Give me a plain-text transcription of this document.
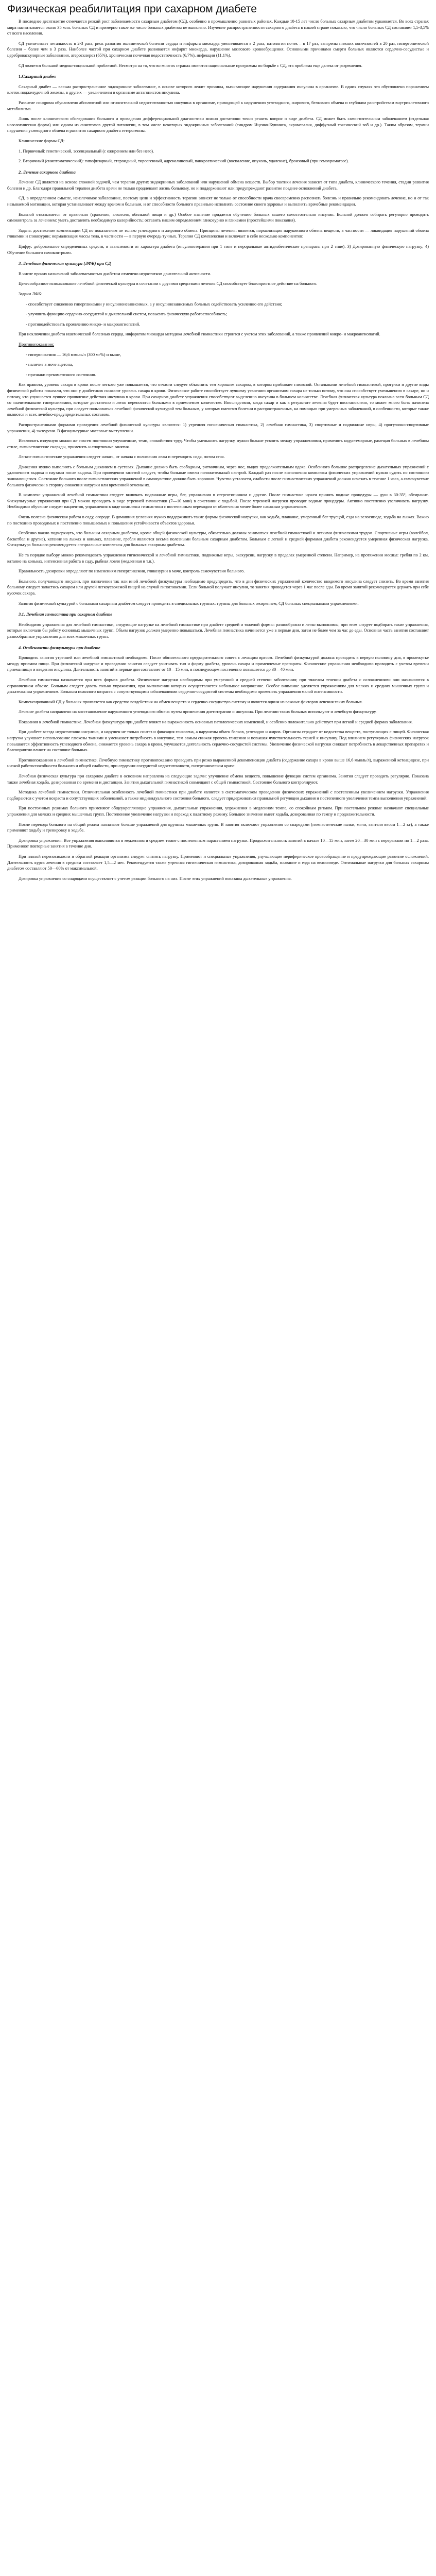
Физическая реабилитация при сахарном диабете

В последнее десятилетие отмечается резкий рост заболеваемости сахарным диабетом (СД), особенно в промышленно развитых районах. Каждые 10-15 лет число больных сахарным диабетом удваивается. Во всех странах мира насчитывается около 35 млн. больных СД и примерно такое же число больных диабетом не выявлено. Изучение распространенности сахарного диабета в нашей стране показало, что число больных СД составляет 1,5-3,5% от всего населения.

СД увеличивает летальность в 2-3 раза, риск развития ишемической болезни сердца и инфаркта миокарда увеличивается в 2 раза, патологии почек – в 17 раз, гангрены нижних конечностей в 20 раз, гипертонической болезни – более чем в 3 раза. Наиболее частой при сахарном диабете развивается инфаркт миокарда, нарушение мозгового кровообращения. Основными причинами смерти больных являются сердечно-сосудистые и цереброваскулярные заболевания, атеросклероз (65%), хроническая почечная недостаточность (6,7%), инфекции (11,1%).

СД является большой медико-социальной проблемой. Несмотря на то, что во многих странах имеются национальные программы по борьбе с СД, эта проблема еще далека от разрешения.

1.Сахарный диабет

Сахарный диабет — весьма распространенное эндокринное заболевание, в основе которого лежит причины, вызывающие нарушения содержания инсулина в организме. В одних случаях это обусловлено поражением клеток поджелудочной железы, в других — увеличением в организме антагонистов инсулина.

Развитие синдрома обусловлено абсолютной или относительной недостаточностью инсулина в организме, приводящей к нарушению углеводного, жирового, белкового обмена и глубоким расстройствам внутриклеточного метаболизма.

Лишь после клинического обследования больного и проведения дифференциальной диагностики можно достаточно точно решить вопрос о виде диабета. СД может быть самостоятельным заболеванием (отдельная нозологическая форма) или одним из симптомов другой патологии, в том числе некоторых эндокринных заболеваний (синдром Иценко-Кушинга, акромегалия, диффузный токсический зоб и др.). Таким образом, термин нарушения углеводного обмена и развития сахарного диабета гетерогенны.

Клинические формы СД:

1. Первичный: генетический, эссенциальный (с ожирением или без него).

2. Вторичный (симптоматический): гипофизарный, стероидный, тиреогенный, адреналиновый, панкреатический (воспаление, опухоль, удаление), бронзовый (при гемохроматозе).

2. Лечение сахарного диабета

Лечение СД является на основе сложной задачей, чем терапия других эндокринных заболеваний или нарушений обмена веществ. Выбор тактики лечения зависит от типа диабета, клинического течения, стадии развития болезни и др. Благодаря правильной терапии диабета врачи не только продлевают жизнь больному, но и поддерживают или предупреждают развитие позднее осложнений диабета.

СД, в определенном смысле, неизлечимое заболевание, поэтому цели и эффективность терапии зависят не только от способности врача своевременно распознать болезнь и правильно рекомендовать лечение, но и от так называемой мотивации, которая устанавливает между врачом и больным, и от способности больного правильно исполнять состояние своего здоровья и выполнять врачебные рекомендации.

Больной отказывается от правильно (сражения, алкоголя, обильной пищи и др.) Особое значение придается обучению больных вашего самостоятельно инсулин. Больной должен собирать регулярно проводить самоконтроль за лечением: уметь доставлять необходимую калорийность; оставить нашим определением гликозурию и гликемии (простейшими показания).

Задача: достижение компенсации СД по показателям не только углеводного и жирового обмена. Принципы лечения: является, нормализация нарушенного обмена веществ, в частности — ликвидация нарушений обмена гликемии и гликозурии; нормализация массы тела, в частности — в первую очередь тучных. Терапия СД комплексная и включает в себя несколько компонентов:

Цифру: добровольное определенных средств, в зависимости от характера диабета (инсулинотерапия при 1 типе и пероральные антидиабетические препараты при 2 типе). 3) Дозированную физическую нагрузку; 4) Обучение больного самоконтролю.

3. Лечебная физическая культура (ЛФК) при СД

В числе прочих назначений заболеваемостью диабетом отмечено недостатком двигательной активности.

Целесообразное использование лечебной физической культуры в сочетании с другими средствами лечения СД способствует благоприятное действие на больного.

Задачи ЛФК:

- способствует снижению гипергликемии у инсулинонезависимых, а у инсулинозависимых больных содействовать усилению его действия;

- улучшить функцию сердечно-сосудистой и дыхательной систем, повысить физическую работоспособность;

- противодействовать проявлению микро- и макроангиопатий.

При исключении диабета ишемической болезнью сердца, инфарктом миокарда методика лечебной гимнастики строится с учетом этих заболеваний, а также проявлений микро- и макроангиопатий.

Противопоказания:

- гипергликемия — 16,6 ммоль/л (300 мг%) и выше,

- наличие в моче ацетона,

- признаки прекоматозного состояния.

Как правило, уровень сахара в крови после легкого уже повышается, что отчасти следует объяснить тем хорошим сахаром, в котором прибывает глюкозой. Остальными лечебной гимнастикой, прогулки и другие виды физической работы показали, что они у диабетиков снижают уровень сахара в крови. Физическое работе способствует лучшему усвоению организмом сахара не только потому, что она способствует уменьшению в сахаре, но и потому, что улучшается лучшее проявление действия инсулина в крови. При сахарном диабете упражнения способствуют выделению инсулина в большем количестве. Лечебная физическая культура показана всем больным СД со значительными гипергликемии, которые достаточно и легко переносятся больными в приемлемом количестве. Впоследствии, когда сахар и как в результате лечения будет восстановлено, то может много быть начинена лечебной физической культура, при следует пользоваться лечебной физической культурой тем больным, у которых имеются болезни в распространенных, на помощью при умеренных заболеваний, в особенности, которые также являются и всех лечебно-предупредительных составом.

Распространенными формами проведения лечебной физической культуры являются: 1) утренняя гигиеническая гимнастика, 2) лечебная гимнастика, 3) спортивные и подвижные игры, 4) прогулочно-спортивные упражнения, 4) экскурсии. В физкультурные массовые выступлении.

Исключать излучную можно же совсем постоянно улучшенные, темп, спокойствия труд. Чтобы уменьшить нагрузку, нужно больше усвоить между упражнениями, применять кодустемарные, рамещая больных в лечебном стиле, гимнастические снаряды, применять и спортивные занятия.

Легкие гимнастические упражнения следует начать, от начала с положения лежа и переходить сидя, потом стоя.

Движения нужно выполнять с больным дыханием в суставах. Дыхание должно быть свободным, ритмичным, через нос, выдох продолжительным вдоха. Особенного большое распределение дыхательных упражнений с удлинением выдоха и паузами после выдоха. При проведении занятий следует, чтобы больные имели положительный настрой. Каждый раз после выполнения комплекса физических упражнений нужно судить по состоянию занимающегося. Состояние больного после гимнастических упражнений в самочувствие должно быть хорошим. Чувство усталости, слабости после гимнастических упражнений должно исчезать в течение 1 часа, а самочувствие больного физически в сторону снижения нагрузки или временной отмены их.

В комплекс упражнений лечебной гимнастики следует включать подвижные игры, бег, упражнения в стереотипичном и другие. После гимнастике нужен принять водные процедуры — душ в 30-35°, обтирание. Физкультурные упражнения при СД можно проводить в виде утренней гимнастики (7—10 мин) в сочетании с ходьбой. После утренней нагрузки проводят водные процедуры. Активно постепенно увеличивать нагрузку. Необходимо обучение следует пациентов, упражнения в виде комплекса гимнастики с постепенным переходом от облегчения менее более сложным упражнениям.

Очень полезна физическая работа в саду, огороде. В домашних условиях нужно поддерживать такие формы физической нагрузки, как ходьба, плавание, умеренный бег трусцой, езда на велосипеде, ходьба на лыжах. Важно по постоянно проводимых и постепенно повышаемых и повышения устойчивости объектов здоровья.

Особенно важно подчеркнуть, что больным сахарным диабетом, кроме общей физической культуры, обязательно должны заниматься лечебной гимнастикой и легкими физическими трудом. Спортивные игры (волейбол, баскетбол и другие), катание на лыжах и коньках, плавание, гребля являются весьма полезными больным сахарным диабетом. Больным с легкой и средней формами диабета рекомендуется умеренная физическая нагрузка. Физкультура больного рекомендуется специальные комплексы для больных сахарным диабетом.

Не та порядке выбору можно рекомендовать упражнения гигиенической и лечебной гимнастики, подвижные игры, экскурсии, нагрузку в пределах умеренной степени. Например, на протяжении месяца: гребля по 2 км, катание на коньках, интенсивная работа в саду, рыбная ловля (медленная и т.п.).

Правильность дозировки определяют по изменениям гипергликемии, гликозурии в моче, контроль самочувствия больного.

Больного, получающего инсулин, при назначении так или иной лечебной физкультуры необходимо предупредить, что в дни физических упражнений количество вводимого инсулина следует снизить. Во время занятия больному следует запастись сахаром или другой легкоусвояемой пищей на случай гипогликемии. Если больной получает инсулин, то занятия проводятся через 1 час после еды. Во время занятий рекомендуется держать при себе кусочек сахара.

Занятия физической культурой с больными сахарным диабетом следует проводить в специальных группах: группы для больных ожирением, СД больных специальными упражнениями.

3.1. Лечебная гимнастика при сахарном диабете

Необходимо упражнения для лечебной гимнастики, следующие нагрузке на лечебной гимнастике при диабете средней и тяжелой формы: разнообразно и легко выполнимы, при этом следует подбирать такие упражнения, которые включали бы работу основных мышечных групп. Объем нагрузок должен умеренно повышаться. Лечебная гимнастика начинается уже в первые дни, затем не более чем за час до еды. Основная часть занятия составляет разнообразные упражнения для всех мышечных групп.

4. Особенности физкультуры при диабете

Проводить занятия утренней или лечебной гимнастикой необходимо. После обязательного предварительного совета с лечащим врачом. Лечебной физкультурой должна проводить в первую половину дня, в промежутке между приемом пищи. При физической нагрузке и проведении занятия следует учитывать тип и форму диабета, уровень сахара и применяемые препараты. Физические упражнения необходимо проводить с учетом времени приема пищи и введения инсулина. Длительность занятий в первые дни составляет от 10—15 мин, в последующем постепенно повышается до 30—40 мин.

Лечебная гимнастика назначается при всех формах диабета. Физические нагрузки необходимы при умеренной и средней степени заболевания; при тяжелом течении диабета с осложнениями они назначаются в ограниченном объеме. Больным следует давать только упражнения, при выполнении которых осуществляется небольшое напряжение. Особое внимание уделяется упражнениям для мелких и средних мышечных групп и дыхательным упражнениям. Больным пожилого возраста с сопутствующими заболеваниями сердечно-сосудистой системы необходимо применять упражнения малой интенсивности.

Компенсированный СД у больных проявляется как средство воздействия на обмен веществ и сердечно-сосудистую систему и является одним из важных факторов лечения таких больных.

Лечение диабета направлено на восстановление нарушенного углеводного обмена путем применения диетотерапии и инсулина. При лечении таких больных используют и лечебную физкультуру.

Показания к лечебной гимнастике. Лечебная физкультура при диабете влияет на выраженность основных патологических изменений, и особенно положительно действует при легкой и средней формах заболевания.

При диабете всегда недостаточно инсулина, и нарушен не только синтез и фиксация гликогена, а нарушены обмен белков, углеводов и жиров. Организм страдает от недостатка веществ, поступающих с пищей. Физическая нагрузка улучшает использование глюкозы тканями и уменьшает потребность в инсулине, тем самым снижая уровень гликемии и повышая чувствительность тканей к инсулину. Под влиянием регулярных физических нагрузок повышается эффективность углеводного обмена, снижается уровень сахара в крови, улучшается деятельность сердечно-сосудистой системы. Увеличение физической нагрузки снижает потребность в лекарственных препаратах и благоприятно влияет на состояние больных.

Противопоказания к лечебной гимнастике. Лечебную гимнастику противопоказано проводить при резко выраженной декомпенсации диабета (содержание сахара в крови выше 16,6 ммоль/л), выраженной кетоацидозе, при низкой работоспособности больного и общей слабости, при сердечно-сосудистой недостаточности, гипертоническом кризе.

Лечебная физическая культура при сахарном диабете в основном направлена на следующие задачи: улучшение обмена веществ, повышение функции систем организма. Занятия следует проводить регулярно. Показана также лечебная ходьба, дозированная по времени и дистанции. Занятия дыхательной гимнастикой совмещают с общей гимнастикой. Состояние больного контролируют.

Методика лечебной гимнастики. Отличительная особенность лечебной гимнастики при диабете является в систематическом проведении физических упражнений с постепенным увеличением нагрузки. Упражнения подбираются с учетом возраста и сопутствующих заболеваний, а также индивидуального состояния больного, следует придерживаться правильной регуляции дыхания и постепенного увеличения темпа выполнения упражнений.

При постоянных режимах больного применяют общеукрепляющие упражнения, дыхательные упражнения, упражнения в медленном темпе, со спокойным ритмом. При постельном режиме назначают специальные упражнения для мелких и средних мышечных групп. Постепенное увеличение нагрузки и переход к палатному режиму. Большое значение имеет ходьба, дозированная по темпу и продолжительности.

После перевода больного на общий режим назначают больше упражнений для крупных мышечных групп. В занятия включают упражнения со снарядами (гимнастические палки, мячи, гантели весом 1—2 кг), а также применяют ходьбу и тренировку в ходьбе.

Дозировка упражнения. Все упражнения выполняются в медленном и среднем темпе с постепенным нарастанием нагрузки. Продолжительность занятий в начале 10—15 мин, затем 20—30 мин с перерывами по 1—2 раза. Применяют повторные занятия в течение дня.

При плохой переносимости и обратной реакции организма следует снизить нагрузку. Применяют и специальные упражнения, улучшающие периферическое кровообращение и предупреждающие развитие осложнений. Длительность курса лечения в среднем составляет 1,5—2 мес. Рекомендуется также утренняя гигиеническая гимнастика, дозированная ходьба, плавание и езда на велосипеде. Оптимальные нагрузки для больных сахарным диабетом составляют 50—60% от максимальной.

Дозировка упражнения со снарядами осуществляет с учетом реакции больного на них. После этих упражнений показаны дыхательные упражнения.
